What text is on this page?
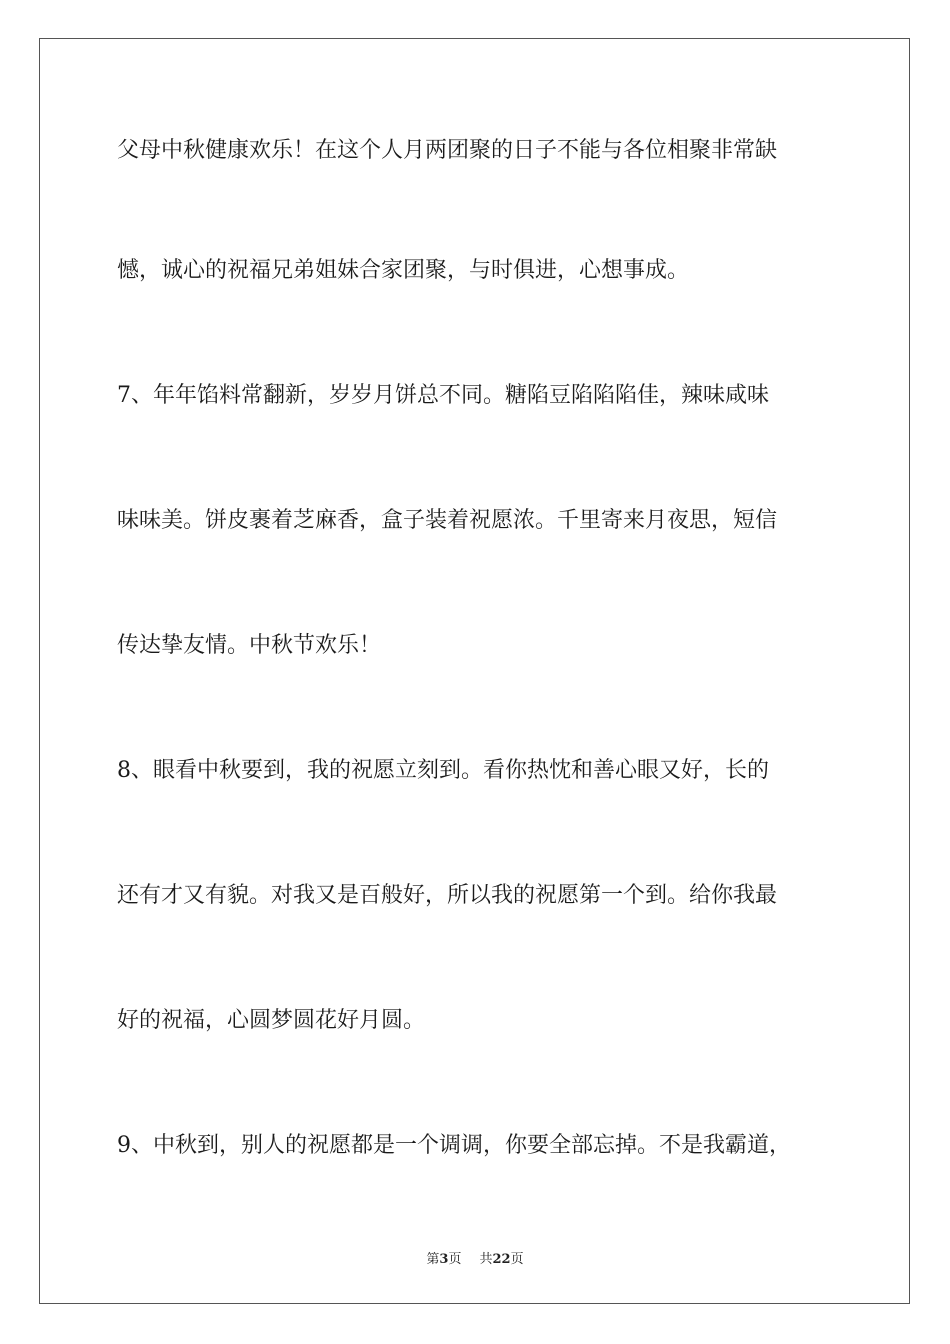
父母中秋健康欢乐！在这个人月两团聚的日子不能与各位相聚非常缺
憾，诚心的祝福兄弟姐妹合家团聚，与时俱进，心想事成。
7、年年馅料常翻新，岁岁月饼总不同。糖陷豆陷陷陷佳，辣味咸味
味味美。饼皮裹着芝麻香，盒子装着祝愿浓。千里寄来月夜思，短信
传达挚友情。中秋节欢乐！
8、眼看中秋要到，我的祝愿立刻到。看你热忱和善心眼又好，长的
还有才又有貌。对我又是百般好，所以我的祝愿第一个到。给你我最
好的祝福，心圆梦圆花好月圆。
9、中秋到，别人的祝愿都是一个调调，你要全部忘掉。不是我霸道，
第3页 共22页
